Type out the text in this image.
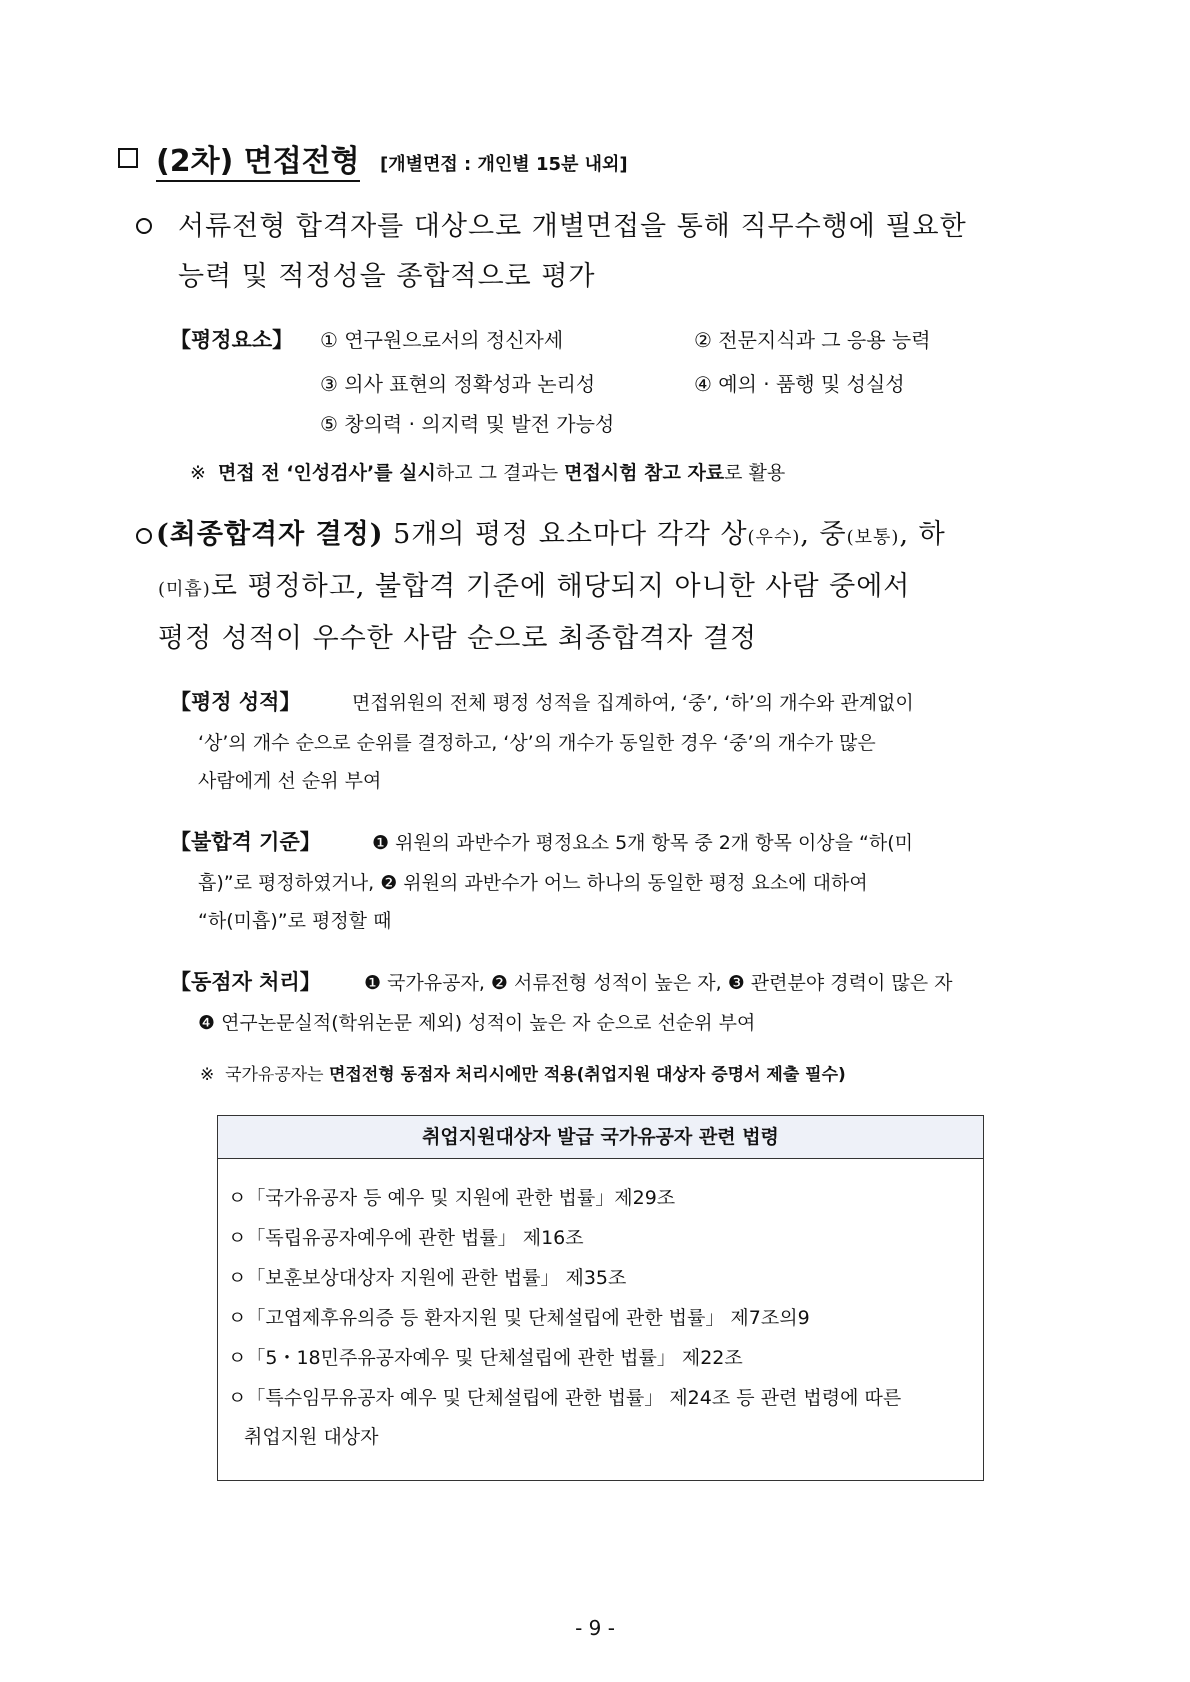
(2차) 면접전형 [개별면접 : 개인별 15분 내외]
서류전형 합격자를 대상으로 개별면접을 통해 직무수행에 필요한
능력 및 적정성을 종합적으로 평가
【평정요소】 ① 연구원으로서의 정신자세	② 전문지식과 그 응용 능력
③ 의사 표현의 정확성과 논리성	④ 예의 · 품행 및 성실성
⑤ 창의력 · 의지력 및 발전 가능성
※ 면접 전 ‘인성검사’를 실시하고 그 결과는 면접시험 참고 자료로 활용
(최종합격자 결정) 5개의 평정 요소마다 각각 상(우수), 중(보통), 하
(미흡)로 평정하고, 불합격 기준에 해당되지 아니한 사람 중에서
평정 성적이 우수한 사람 순으로 최종합격자 결정
【평정 성적】	면접위원의 전체 평정 성적을 집계하여, ‘중’, ‘하’의 개수와 관계없이
‘상’의 개수 순으로 순위를 결정하고, ‘상’의 개수가 동일한 경우 ‘중’의 개수가 많은
사람에게 선 순위 부여
【불합격 기준】	❶ 위원의 과반수가 평정요소 5개 항목 중 2개 항목 이상을 “하(미
흡)”로 평정하였거나, ❷ 위원의 과반수가 어느 하나의 동일한 평정 요소에 대하여
“하(미흡)”로 평정할 때
【동점자 처리】 ❶ 국가유공자, ❷ 서류전형 성적이 높은 자, ❸ 관련분야 경력이 많은 자
❹ 연구논문실적(학위논문 제외) 성적이 높은 자 순으로 선순위 부여
※ 국가유공자는 면접전형 동점자 처리시에만 적용(취업지원 대상자 증명서 제출 필수)
취업지원대상자 발급 국가유공자 관련 법령
ㅇ「국가유공자 등 예우 및 지원에 관한 법률」제29조
ㅇ「독립유공자예우에 관한 법률」 제16조
ㅇ「보훈보상대상자 지원에 관한 법률」 제35조
ㅇ「고엽제후유의증 등 환자지원 및 단체설립에 관한 법률」 제7조의9
ㅇ「5・18민주유공자예우 및 단체설립에 관한 법률」 제22조
ㅇ「특수임무유공자 예우 및 단체설립에 관한 법률」 제24조 등 관련 법령에 따른
취업지원 대상자
- 9 -
